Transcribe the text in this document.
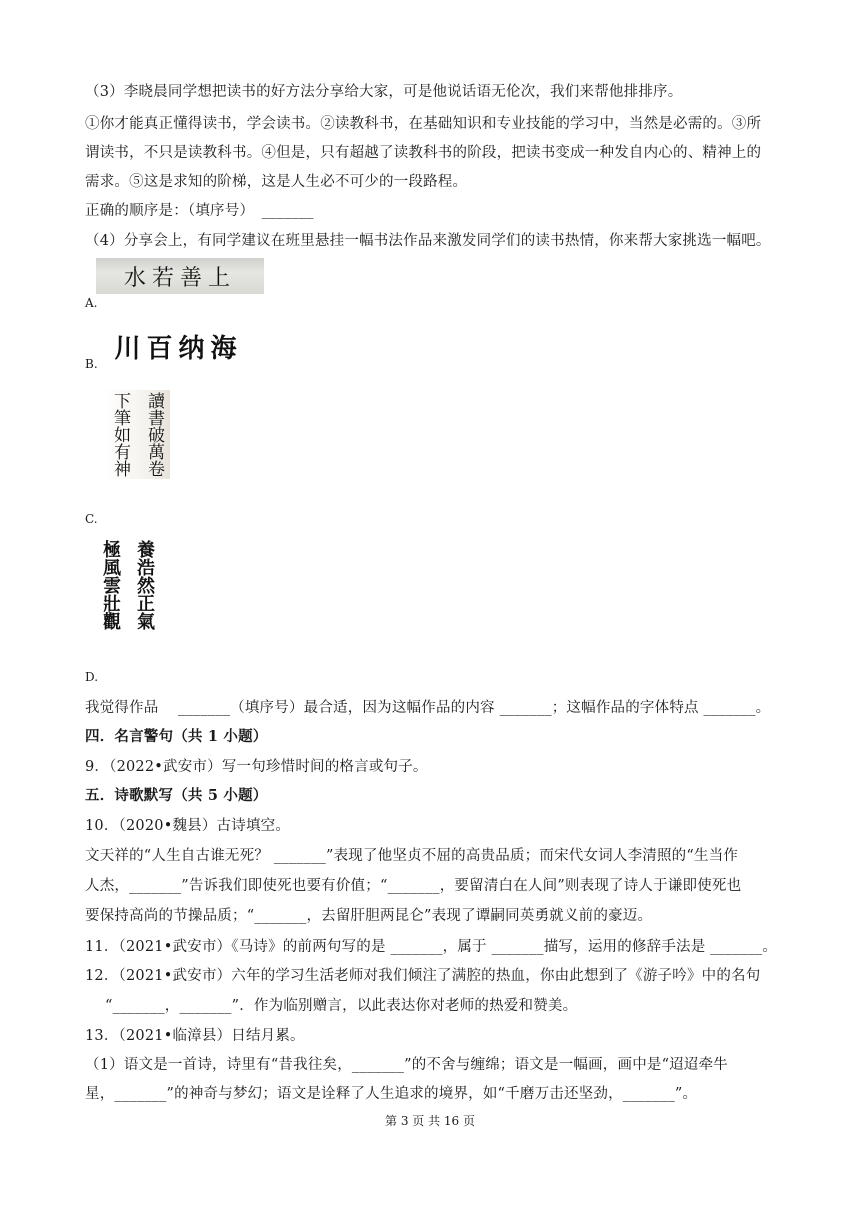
（3）李晓晨同学想把读书的好方法分享给大家，可是他说话语无伦次，我们来帮他排排序。
①你才能真正懂得读书，学会读书。②读教科书，在基础知识和专业技能的学习中，当然是必需的。③所
谓读书，不只是读教科书。④但是，只有超越了读教科书的阶段，把读书变成一种发自内心的、精神上的
需求。⑤这是求知的阶梯，这是人生必不可少的一段路程。
正确的顺序是：（填序号）　_______
（4）分享会上，有同学建议在班里悬挂一幅书法作品来激发同学们的读书热情，你来帮大家挑选一幅吧。
水若善上
A.
川百纳海
B.
讀書破萬卷
下筆如有神
C.
養浩然正氣
極風雲壯觀
D.
我觉得作品　 _______（填序号）最合适，因为这幅作品的内容 _______；这幅作品的字体特点 _______。
四．名言警句（共 1 小题）
9．（2022•武安市）写一句珍惜时间的格言或句子。
五．诗歌默写（共 5 小题）
10．（2020•魏县）古诗填空。
文天祥的“人生自古谁无死？ _______”表现了他坚贞不屈的高贵品质；而宋代女词人李清照的“生当作
人杰，_______”告诉我们即使死也要有价值；“_______，要留清白在人间”则表现了诗人于谦即使死也
要保持高尚的节操品质；“_______，去留肝胆两昆仑”表现了谭嗣同英勇就义前的豪迈。
11．（2021•武安市）《马诗》的前两句写的是 _______，属于 _______描写，运用的修辞手法是 _______。
12．（2021•武安市）六年的学习生活老师对我们倾注了满腔的热血，你由此想到了《游子吟》中的名句
“_______，_______”．作为临别赠言，以此表达你对老师的热爱和赞美。
13．（2021•临漳县）日结月累。
（1）语文是一首诗，诗里有“昔我往矣，_______”的不舍与缠绵；语文是一幅画，画中是“迢迢牵牛
星，_______”的神奇与梦幻；语文是诠释了人生追求的境界，如“千磨万击还坚劲，_______”。
第 3 页 共 16 页
